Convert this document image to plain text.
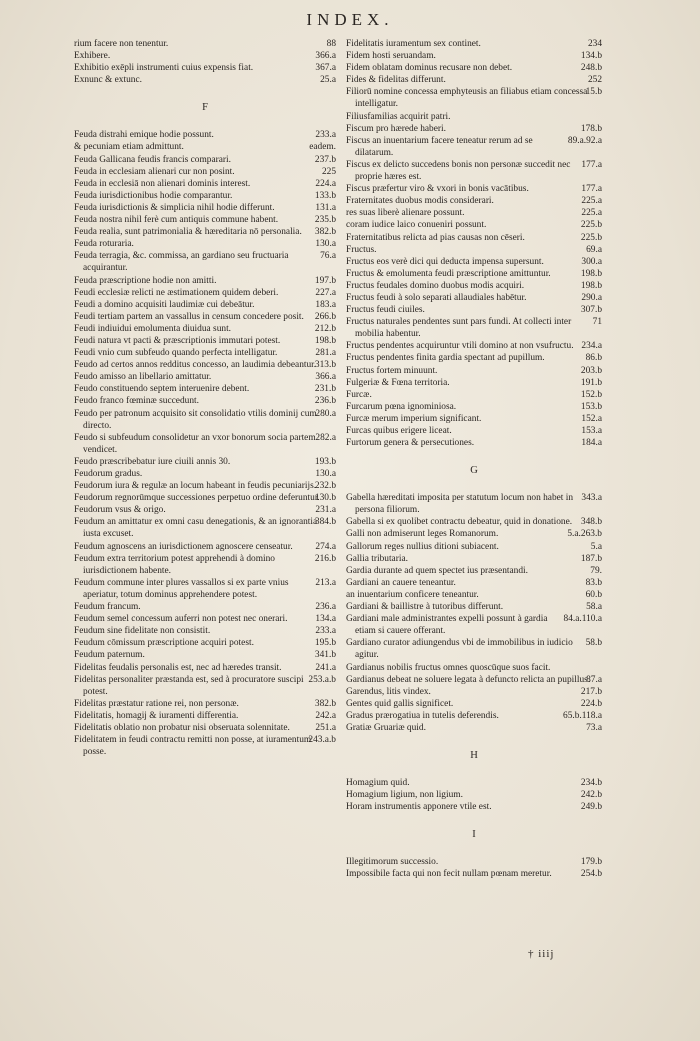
INDEX.
88
rium facere non tenentur.
366.a
Exhibere.
367.a
Exhibitio exēpli instrumenti cuius expensis fiat.
25.a
Exnunc & extunc.
F
233.a
Feuda distrahi emique hodie possunt.
eadem.
& pecuniam etiam admittunt.
237.b
Feuda Gallicana feudis francis comparari.
225
Feuda in ecclesiam alienari cur non posint.
224.a
Feuda in ecclesiā non alienari dominis interest.
133.b
Feuda iurisdictionibus hodie comparantur.
131.a
Feuda iurisdictionis & simplicia nihil hodie differunt.
235.b
Feuda nostra nihil ferè cum antiquis commune habent.
382.b
Feuda realia, sunt patrimonialia & hæreditaria nō personalia.
130.a
Feuda roturaria.
76.a
Feuda terragia, &c. commissa, an gardiano seu fructuaria acquirantur.
197.b
Feuda præscriptione hodie non amitti.
227.a
Feudi ecclesiæ relicti ne æstimationem quidem deberi.
183.a
Feudi a domino acquisiti laudimiæ cui debeātur.
266.b
Feudi tertiam partem an vassallus in censum concedere posit.
212.b
Feudi indiuidui emolumenta diuidua sunt.
198.b
Feudi natura vt pacti & præscriptionis immutari potest.
281.a
Feudi vnio cum subfeudo quando perfecta intelligatur.
313.b
Feudo ad certos annos redditus concesso, an laudimia debeantur.
366.a
Feudo amisso an libellario amittatur.
231.b
Feudo constituendo septem interuenire debent.
236.b
Feudo franco fœminæ succedunt.
280.a
Feudo per patronum acquisito sit consolidatio vtilis dominij cum directo.
282.a
Feudo si subfeudum consolidetur an vxor bonorum socia partem vendicet.
193.b
Feudo præscribebatur iure ciuili annis 30.
130.a
Feudorum gradus.
232.b
Feudorum iura & regulæ an locum habeant in feudis pecuniarijs.
130.b
Feudorum regnorūmque successiones perpetuo ordine deferuntur.
231.a
Feudorum vsus & origo.
384.b
Feudum an amittatur ex omni casu denegationis, & an ignorantia iusta excuset.
274.a
Feudum agnoscens an iurisdictionem agnoscere censeatur.
216.b
Feudum extra territorium potest apprehendi à domino iurisdictionem habente.
213.a
Feudum commune inter plures vassallos si ex parte vnius aperiatur, totum dominus apprehendere potest.
236.a
Feudum francum.
134.a
Feudum semel concessum auferri non potest nec onerari.
233.a
Feudum sine fidelitate non consistit.
195.b
Feudum cōmissum præscriptione acquiri potest.
341.b
Feudum paternum.
241.a
Fidelitas feudalis personalis est, nec ad hæredes transit.
253.a.b
Fidelitas personaliter præstanda est, sed à procuratore suscipi potest.
382.b
Fidelitas præstatur ratione rei, non personæ.
242.a
Fidelitatis, homagij & iuramenti differentia.
251.a
Fidelitatis oblatio non probatur nisi obseruata solennitate.
243.a.b
Fidelitatem in feudi contractu remitti non posse, at iuramentum posse.
234
Fidelitatis iuramentum sex continet.
134.b
Fidem hosti seruandam.
248.b
Fidem oblatam dominus recusare non debet.
252
Fides & fidelitas differunt.
15.b
Filiorū nomine concessa emphyteusis an filiabus etiam concessa intelligatur.
Filiusfamilias acquirit patri.
178.b
Fiscum pro hærede haberi.
89.a.92.a
Fiscus an inuentarium facere teneatur rerum ad se dilatarum.
177.a
Fiscus ex delicto succedens bonis non personæ succedit nec proprie hæres est.
177.a
Fiscus præfertur viro & vxori in bonis vacātibus.
225.a
Fraternitates duobus modis considerari.
225.a
res suas liberè alienare possunt.
225.b
coram iudice laico conueniri possunt.
225.b
Fraternitatibus relicta ad pias causas non cēseri.
69.a
Fructus.
300.a
Fructus eos verè dici qui deducta impensa supersunt.
198.b
Fructus & emolumenta feudi præscriptione amittuntur.
198.b
Fructus feudales domino duobus modis acquiri.
290.a
Fructus feudi à solo separati allaudiales habētur.
307.b
Fructus feudi ciuiles.
71
Fructus naturales pendentes sunt pars fundi. At collecti inter mobilia habentur.
234.a
Fructus pendentes acquiruntur vtili domino at non vsufructu.
86.b
Fructus pendentes finita gardia spectant ad pupillum.
203.b
Fructus fortem minuunt.
191.b
Fulgeriæ & Fœna territoria.
152.b
Furcæ.
153.b
Furcarum pœna ignominiosa.
152.a
Furcæ merum imperium significant.
153.a
Furcas quibus erigere liceat.
184.a
Furtorum genera & persecutiones.
G
343.a
Gabella hæreditati imposita per statutum locum non habet in persona filiorum.
348.b
Gabella si ex quolibet contractu debeatur, quid in donatione.
5.a.263.b
Galli non admiserunt leges Romanorum.
5.a
Gallorum reges nullius ditioni subiacent.
187.b
Gallia tributaria.
79.
Gardia durante ad quem spectet ius præsentandi.
83.b
Gardiani an cauere teneantur.
60.b
an inuentarium conficere teneantur.
58.a
Gardiani & baillistre à tutoribus differunt.
84.a.110.a
Gardiani male administrantes expelli possunt à gardia etiam si cauere offerant.
58.b
Gardiano curator adiungendus vbi de immobilibus in iudicio agitur.
Gardianus nobilis fructus omnes quoscūque suos facit.
87.a
Gardianus debeat ne soluere legata à defuncto relicta an pupillus.
217.b
Garendus, litis vindex.
224.b
Gentes quid gallis significet.
65.b.118.a
Gradus prærogatiua in tutelis deferendis.
73.a
Gratiæ Gruariæ quid.
H
234.b
Homagium quid.
242.b
Homagium ligium, non ligium.
249.b
Horam instrumentis apponere vtile est.
I
179.b
Illegitimorum successio.
254.b
Impossibile facta qui non fecit nullam pœnam meretur.
† iiij
